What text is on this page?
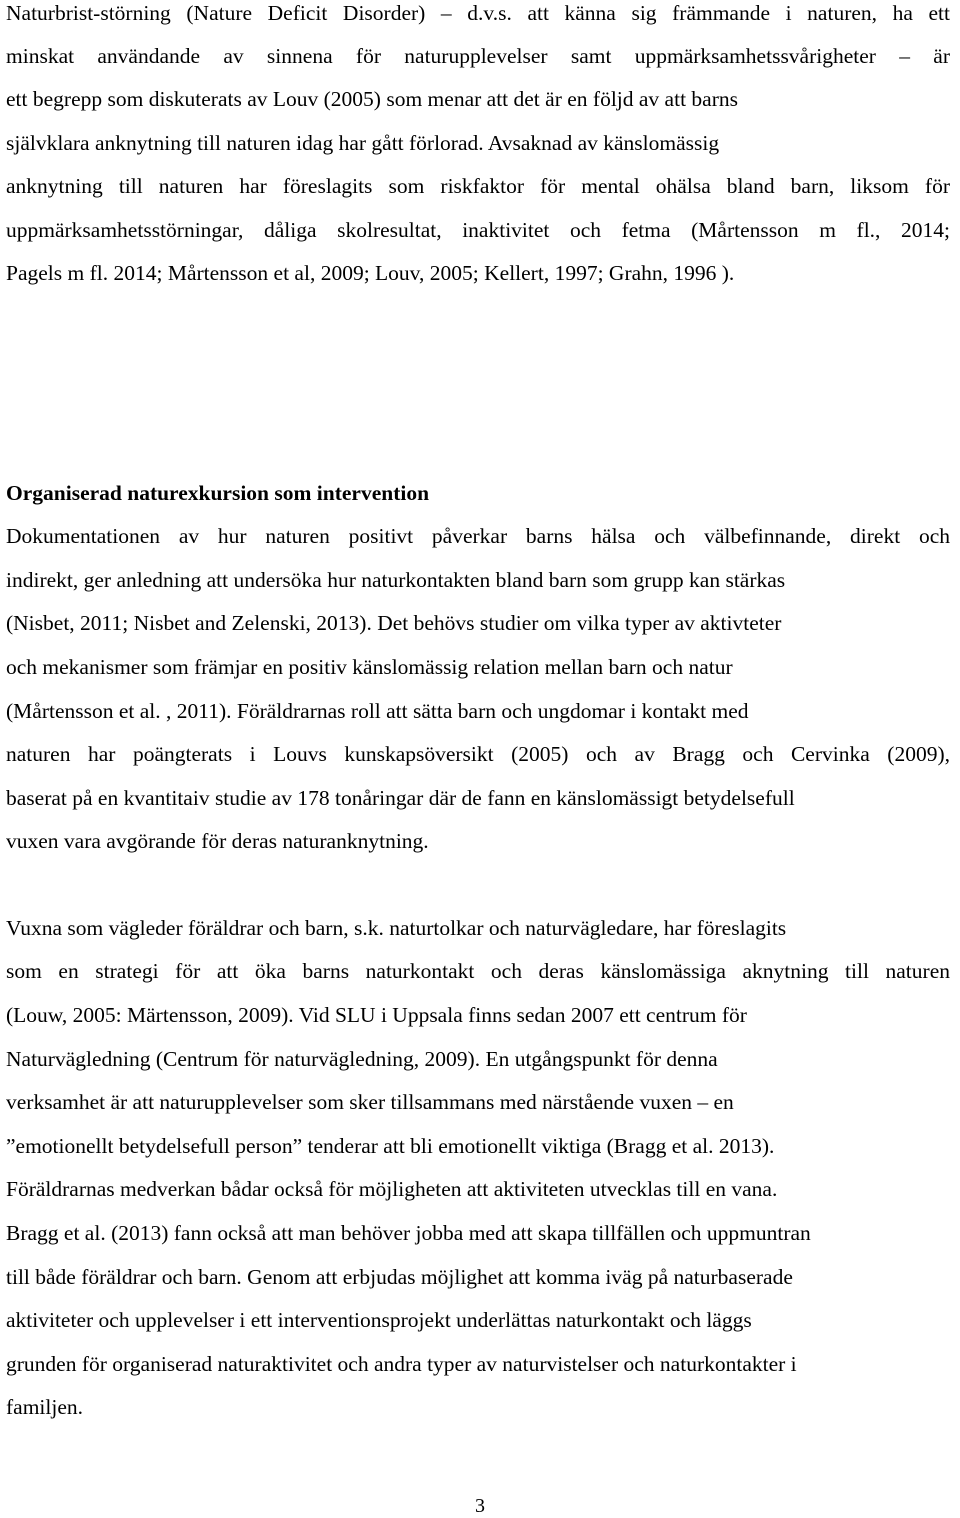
Naturbrist-störning (Nature Deficit Disorder) – d.v.s. att känna sig främmande i naturen, ha ett
minskat användande av sinnena för naturupplevelser samt uppmärksamhetssvårigheter – är
ett begrepp som diskuterats av Louv (2005) som menar att det är en följd av att barns
självklara anknytning till naturen idag har gått förlorad. Avsaknad av känslomässig
anknytning till naturen har föreslagits som riskfaktor för mental ohälsa bland barn, liksom för
uppmärksamhetsstörningar, dåliga skolresultat, inaktivitet och fetma (Mårtensson m fl., 2014;
Pagels m fl. 2014; Mårtensson et al, 2009; Louv, 2005; Kellert, 1997; Grahn, 1996 ).
Organiserad naturexkursion som intervention
Dokumentationen av hur naturen positivt påverkar barns hälsa och välbefinnande, direkt och
indirekt, ger anledning att undersöka hur naturkontakten bland barn som grupp kan stärkas
(Nisbet, 2011; Nisbet and Zelenski, 2013). Det behövs studier om vilka typer av aktivteter
och mekanismer som främjar en positiv känslomässig relation mellan barn och natur
(Mårtensson et al. , 2011). Föräldrarnas roll att sätta barn och ungdomar i kontakt med
naturen har poängterats i Louvs kunskapsöversikt (2005) och av Bragg och Cervinka (2009),
baserat på en kvantitaiv studie av 178 tonåringar där de fann en känslomässigt betydelsefull
vuxen vara avgörande för deras naturanknytning.
Vuxna som vägleder föräldrar och barn, s.k. naturtolkar och naturvägledare, har föreslagits
som en strategi för att öka barns naturkontakt och deras känslomässiga aknytning till naturen
(Louw, 2005: Märtensson, 2009). Vid SLU i Uppsala finns sedan 2007 ett centrum för
Naturvägledning (Centrum för naturvägledning, 2009). En utgångspunkt för denna
verksamhet är att naturupplevelser som sker tillsammans med närstående vuxen – en
”emotionellt betydelsefull person” tenderar att bli emotionellt viktiga (Bragg et al. 2013).
Föräldrarnas medverkan bådar också för möjligheten att aktiviteten utvecklas till en vana.
Bragg et al. (2013) fann också att man behöver jobba med att skapa tillfällen och uppmuntran
till både föräldrar och barn. Genom att erbjudas möjlighet att komma iväg på naturbaserade
aktiviteter och upplevelser i ett interventionsprojekt underlättas naturkontakt och läggs
grunden för organiserad naturaktivitet och andra typer av naturvistelser och naturkontakter i
familjen.
3
